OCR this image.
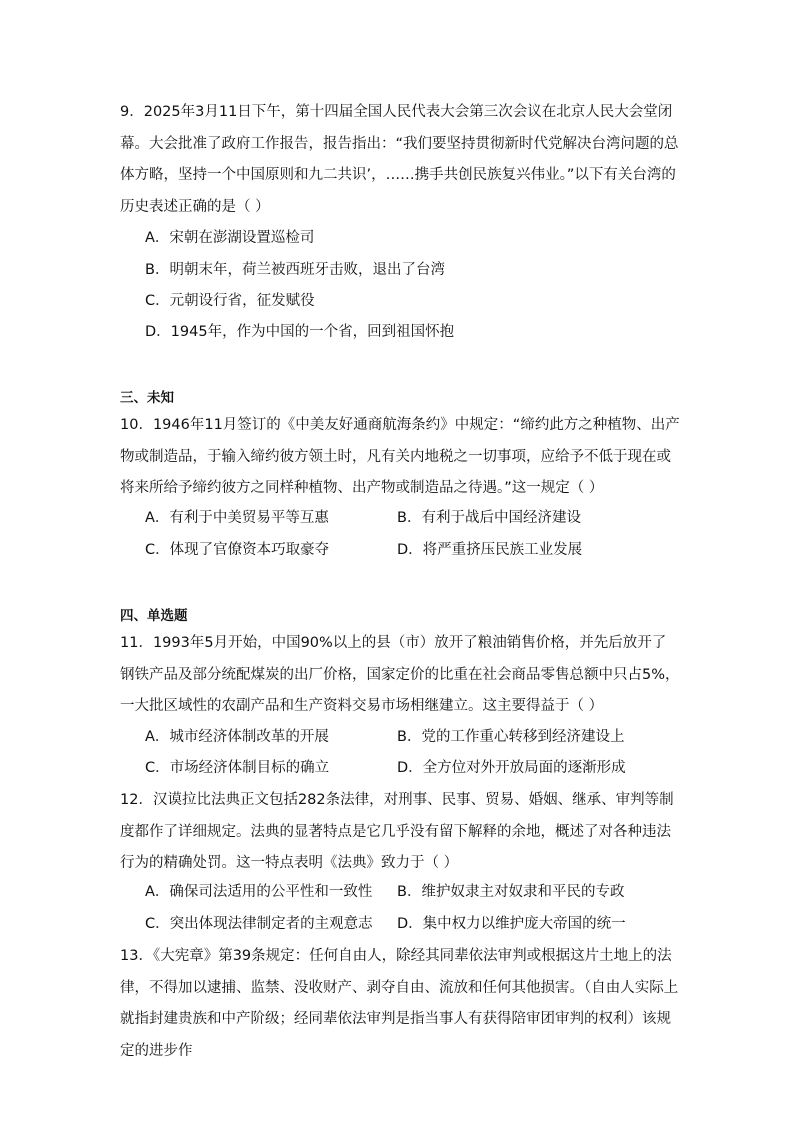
9．2025年3月11日下午，第十四届全国人民代表大会第三次会议在北京人民大会堂闭幕。大会批准了政府工作报告，报告指出：“我们要坚持贯彻新时代党解决台湾问题的总体方略，坚持一个中国原则和九二共识’，……携手共创民族复兴伟业。”以下有关台湾的历史表述正确的是（ ）

A．宋朝在澎湖设置巡检司
B．明朝末年，荷兰被西班牙击败，退出了台湾
C．元朝设行省，征发赋役
D．1945年，作为中国的一个省，回到祖国怀抱
三、未知

10．1946年11月签订的《中美友好通商航海条约》中规定：“缔约此方之种植物、出产物或制造品，于输入缔约彼方领土时，凡有关内地税之一切事项，应给予不低于现在或将来所给予缔约彼方之同样种植物、出产物或制造品之待遇。”这一规定（ ）

A．有利于中美贸易平等互惠	B．有利于战后中国经济建设
C．体现了官僚资本巧取豪夺	D．将严重挤压民族工业发展
四、单选题

11．1993年5月开始，中国90%以上的县（市）放开了粮油销售价格，并先后放开了钢铁产品及部分统配煤炭的出厂价格，国家定价的比重在社会商品零售总额中只占5%，一大批区域性的农副产品和生产资料交易市场相继建立。这主要得益于（ ）

A．城市经济体制改革的开展	B．党的工作重心转移到经济建设上
C．市场经济体制目标的确立	D．全方位对外开放局面的逐渐形成

12．汉谟拉比法典正文包括282条法律，对刑事、民事、贸易、婚姻、继承、审判等制度都作了详细规定。法典的显著特点是它几乎没有留下解释的余地，概述了对各种违法行为的精确处罚。这一特点表明《法典》致力于（ ）

A．确保司法适用的公平性和一致性 B．维护奴隶主对奴隶和平民的专政
C．突出体现法律制定者的主观意志 D．集中权力以维护庞大帝国的统一

13．《大宪章》第39条规定：任何自由人，除经其同辈依法审判或根据这片土地上的法律，不得加以逮捕、监禁、没收财产、剥夺自由、流放和任何其他损害。（自由人实际上就指封建贵族和中产阶级；经同辈依法审判是指当事人有获得陪审团审判的权利）该规定的进步作
